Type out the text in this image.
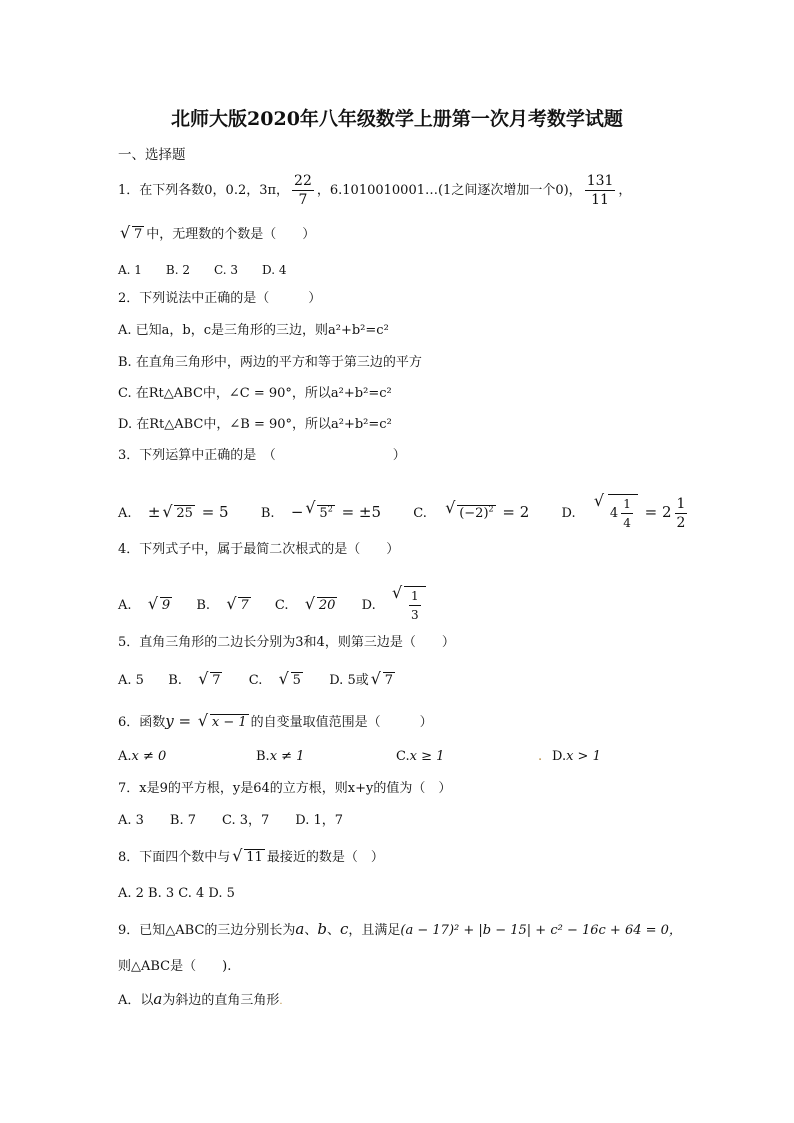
北师大版2020年八年级数学上册第一次月考数学试题
一、选择题
1．在下列各数0，0.2，3π， $\frac{22}{7}$ ，6.1010010001…(1之间逐次增加一个0)， $\frac{131}{11}$ ，
√ 7 中，无理数的个数是（　　）
A. 1　　B. 2　　C. 3　　D. 4
2．下列说法中正确的是（　　　）
A. 已知a，b，c是三角形的三边，则a²+b²=c²
B. 在直角三角形中，两边的平方和等于第三边的平方
C. 在Rt△ABC中，∠C = 90°，所以a²+b²=c²
D. 在Rt△ABC中，∠B = 90°，所以a²+b²=c²
3．下列运算中正确的是　（　　　　　　　　　）
A. ± √ 25 = 5 B. − √ $5^2 = \pm 5$ C. √ $(-2)^2 = 2$ D.	√ $4 \frac{1}{4} = 2 \frac{1}{2}$
4．下列式子中，属于最简二次根式的是（　　）
A. √ 9 B. √ 7 C. √ 20 D.	√ $\frac{1}{3}$
5．直角三角形的二边长分别为3和4，则第三边是（　　）
A. 5 B. √ 7 C. √ 5 D. 5或 √ 7
6．函数y = √ x − 1 的自变量取值范围是（　　　）
A.x ≠ 0	B.x ≠ 1	C.x ≥ 1	. D.x > 1
7．x是9的平方根，y是64的立方根，则x+y的值为（　）
A. 3　　B. 7　　C. 3，7　　D. 1，7
8．下面四个数中与 √ 11 最接近的数是（　）
A. 2 B. 3 C. 4 D. 5
9．已知△ABC的三边分别长为a、b、c，且满足(a − 17)² + |b − 15| + c² − 16c + 64 = 0，
则△ABC是（　　).
A．以a为斜边的直角三角形.
